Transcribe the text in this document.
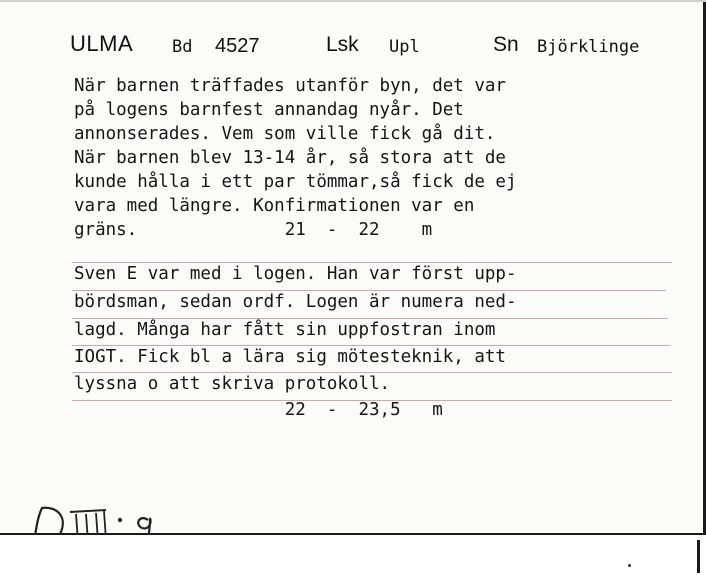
ULMA Bd 4527	Lsk Upl	Sn Björklinge
När barnen träffades utanför byn, det var
på logens barnfest annandag nyår. Det
annonserades. Vem som ville fick gå dit.
När barnen blev 13-14 år, så stora att de
kunde hålla i ett par tömmar,så fick de ej
vara med längre. Konfirmationen var en
gräns.              21  -  22    m
Sven E var med i logen. Han var först upp-
bördsman, sedan ordf. Logen är numera ned-
lagd. Många har fått sin uppfostran inom
IOGT. Fick bl a lära sig mötesteknik, att
lyssna o att skriva protokoll.
22  -  23,5   m
